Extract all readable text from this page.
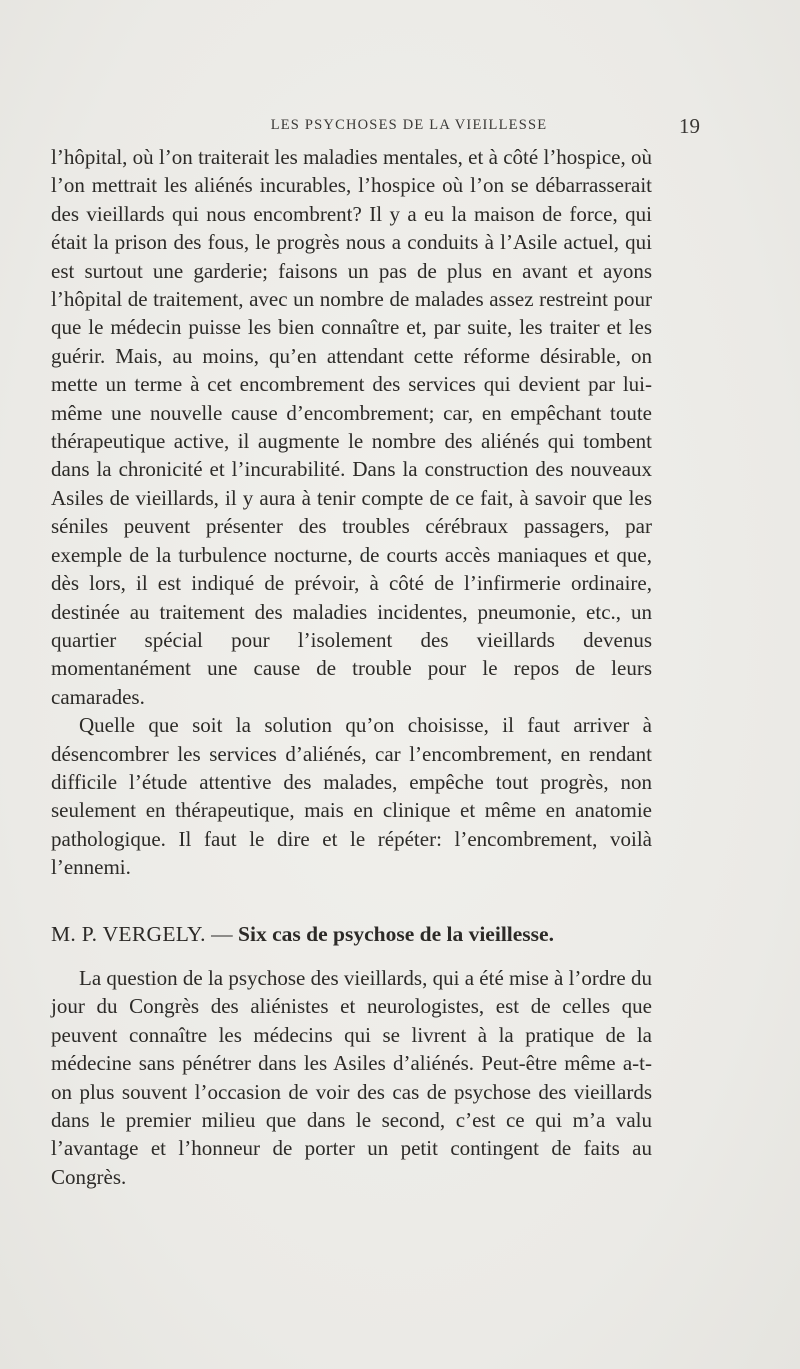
LES PSYCHOSES DE LA VIEILLESSE	19

l’hôpital, où l’on traiterait les maladies mentales, et à côté l’hospice, où l’on mettrait les aliénés incurables, l’hospice où l’on se débarrasserait des vieillards qui nous encombrent? Il y a eu la maison de force, qui était la prison des fous, le progrès nous a conduits à l’Asile actuel, qui est surtout une garderie; faisons un pas de plus en avant et ayons l’hôpital de traitement, avec un nombre de malades assez restreint pour que le médecin puisse les bien connaître et, par suite, les traiter et les guérir. Mais, au moins, qu’en attendant cette réforme désirable, on mette un terme à cet encombrement des services qui devient par lui-même une nouvelle cause d’encombrement; car, en empêchant toute thérapeutique active, il augmente le nombre des aliénés qui tombent dans la chronicité et l’incurabilité. Dans la construction des nouveaux Asiles de vieillards, il y aura à tenir compte de ce fait, à savoir que les séniles peuvent présenter des troubles cérébraux passagers, par exemple de la turbulence nocturne, de courts accès maniaques et que, dès lors, il est indiqué de prévoir, à côté de l’infirmerie ordinaire, destinée au traitement des maladies incidentes, pneumonie, etc., un quartier spécial pour l’isolement des vieillards devenus momentanément une cause de trouble pour le repos de leurs camarades.

Quelle que soit la solution qu’on choisisse, il faut arriver à désencombrer les services d’aliénés, car l’encombrement, en rendant difficile l’étude attentive des malades, empêche tout progrès, non seulement en thérapeutique, mais en clinique et même en anatomie pathologique. Il faut le dire et le répéter: l’encombrement, voilà l’ennemi.

M. P. VERGELY. — Six cas de psychose de la vieillesse.

La question de la psychose des vieillards, qui a été mise à l’ordre du jour du Congrès des aliénistes et neurologistes, est de celles que peuvent connaître les médecins qui se livrent à la pratique de la médecine sans pénétrer dans les Asiles d’aliénés. Peut-être même a-t-on plus souvent l’occasion de voir des cas de psychose des vieillards dans le premier milieu que dans le second, c’est ce qui m’a valu l’avantage et l’honneur de porter un petit contingent de faits au Congrès.
